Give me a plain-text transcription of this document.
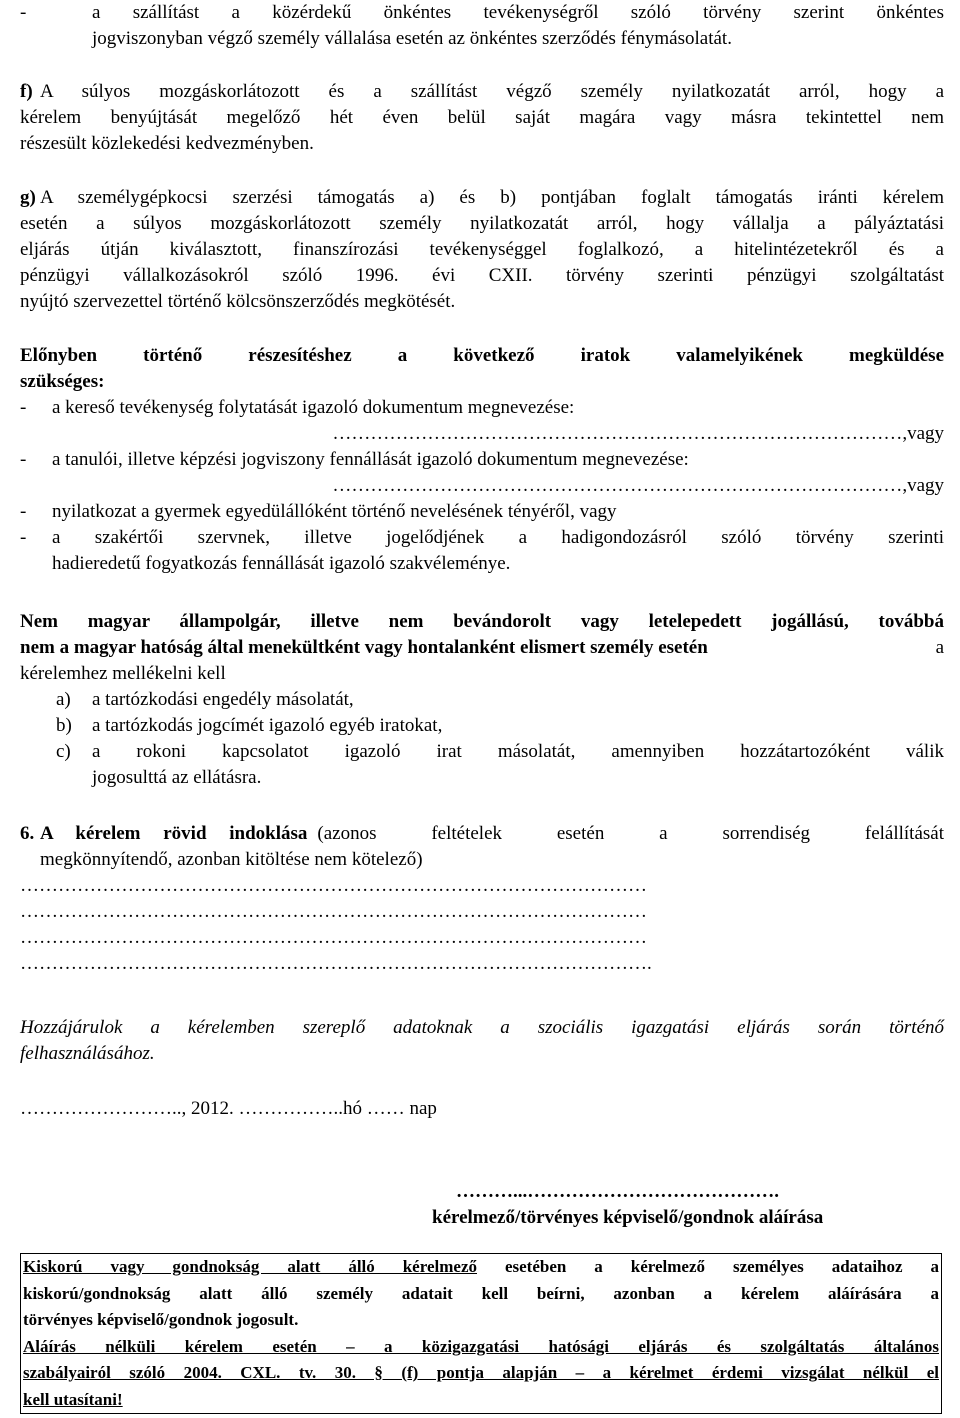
-	a szállítást a közérdekű önkéntes tevékenységről szóló törvény szerint önkéntes
jogviszonyban végző személy vállalása esetén az önkéntes szerződés fénymásolatát.
f) A súlyos mozgáskorlátozott és a szállítást végző személy nyilatkozatát arról, hogy a
kérelem benyújtását megelőző hét éven belül saját magára vagy másra tekintettel nem
részesült közlekedési kedvezményben.
g) A személygépkocsi szerzési támogatás a) és b) pontjában foglalt támogatás iránti kérelem
esetén a súlyos mozgáskorlátozott személy nyilatkozatát arról, hogy vállalja a pályáztatási
eljárás útján kiválasztott, finanszírozási tevékenységgel foglalkozó, a hitelintézetekről és a
pénzügyi vállalkozásokról szóló 1996. évi CXII. törvény szerinti pénzügyi szolgáltatást
nyújtó szervezettel történő kölcsönszerződés megkötését.
Előnyben történő részesítéshez a következő iratok valamelyikének megküldése
szükséges:
-	a kereső tevékenység folytatását igazoló dokumentum megnevezése:
……………………………………………………………………………… ,vagy
-	a tanulói, illetve képzési jogviszony fennállását igazoló dokumentum megnevezése:
……………………………………………………………………………… ,vagy
-	nyilatkozat a gyermek egyedülállóként történő nevelésének tényéről, vagy
-	a szakértői szervnek, illetve jogelődjének a hadigondozásról szóló törvény szerinti
hadieredetű fogyatkozás fennállását igazoló szakvéleménye.
Nem magyar állampolgár, illetve nem bevándorolt vagy letelepedett jogállású, továbbá
nem a magyar hatóság által menekültként vagy hontalanként elismert személy esetén	a
kérelemhez mellékelni kell
a)	a tartózkodási engedély másolatát,
b)	a tartózkodás jogcímét igazoló egyéb iratokat,
c)	a rokoni kapcsolatot igazoló irat másolatát, amennyiben hozzátartozóként válik
jogosulttá az ellátásra.
6. A kérelem rövid indoklása (azonos feltételek esetén a sorrendiség felállítását
megkönnyítendő, azonban kitöltése nem kötelező)
………………………………………………………………………………………
………………………………………………………………………………………
………………………………………………………………………………………
……………………………………………………………………………………….
Hozzájárulok a kérelemben szereplő adatoknak a szociális igazgatási eljárás során történő
felhasználásához.
…………………….., 2012. ……………..hó …… nap
………...………………………………….
kérelmező/törvényes képviselő/gondnok aláírása
Kiskorú vagy gondnokság alatt álló kérelmező esetében a kérelmező személyes adataihoz a
kiskorú/gondnokság alatt álló személy adatait kell beírni, azonban a kérelem aláírására a
törvényes képviselő/gondnok jogosult.
Aláírás nélküli kérelem esetén – a közigazgatási hatósági eljárás és szolgáltatás általános
szabályairól szóló 2004. CXL. tv. 30. § (f) pontja alapján – a kérelmet érdemi vizsgálat nélkül el
kell utasítani!
